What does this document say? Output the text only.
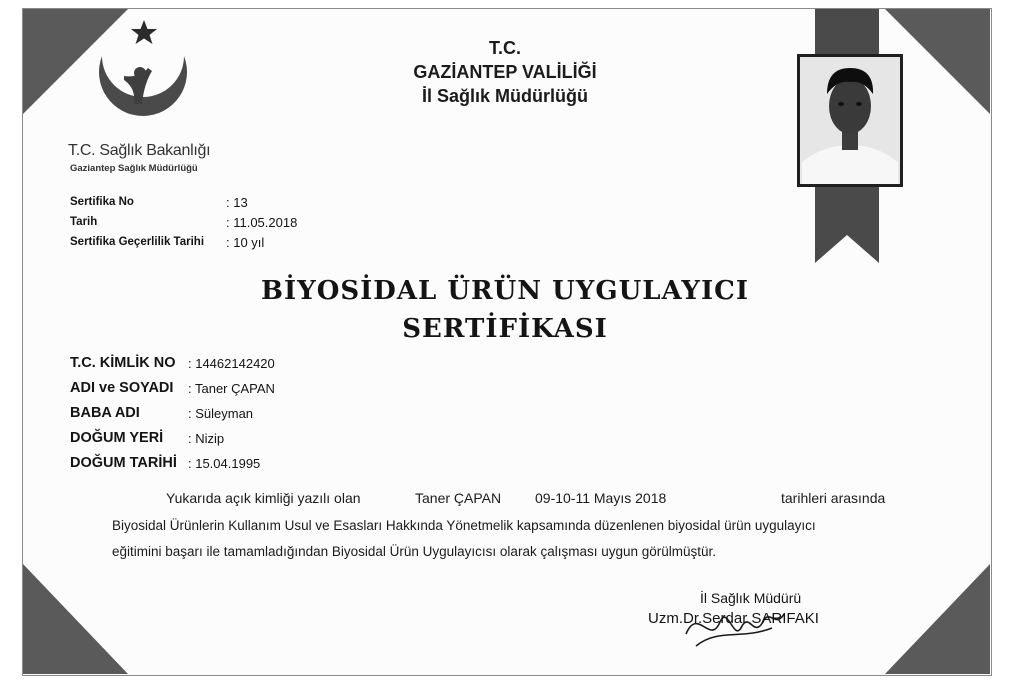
T.C. Sağlık Bakanlığı
Gaziantep Sağlık Müdürlüğü
T.C.
GAZİANTEP VALİLİĞİ
İl Sağlık Müdürlüğü
Sertifika No	: 13
Tarih	: 11.05.2018
Sertifika Geçerlilik Tarihi : 10 yıl
BİYOSİDAL ÜRÜN UYGULAYICI
SERTİFİKASI
T.C. KİMLİK NO : 14462142420
ADI ve SOYADI : Taner ÇAPAN
BABA ADI	: Süleyman
DOĞUM YERİ : Nizip
DOĞUM TARİHİ : 15.04.1995
Yukarıda açık kimliği yazılı olan	Taner ÇAPAN 09-10-11 Mayıs 2018	tarihleri arasında
Biyosidal Ürünlerin Kullanım Usul ve Esasları Hakkında Yönetmelik kapsamında düzenlenen biyosidal ürün uygulayıcı
eğitimini başarı ile tamamladığından Biyosidal Ürün Uygulayıcısı olarak çalışması uygun görülmüştür.
İl Sağlık Müdürü
Uzm.Dr.Serdar SARIFAKI
